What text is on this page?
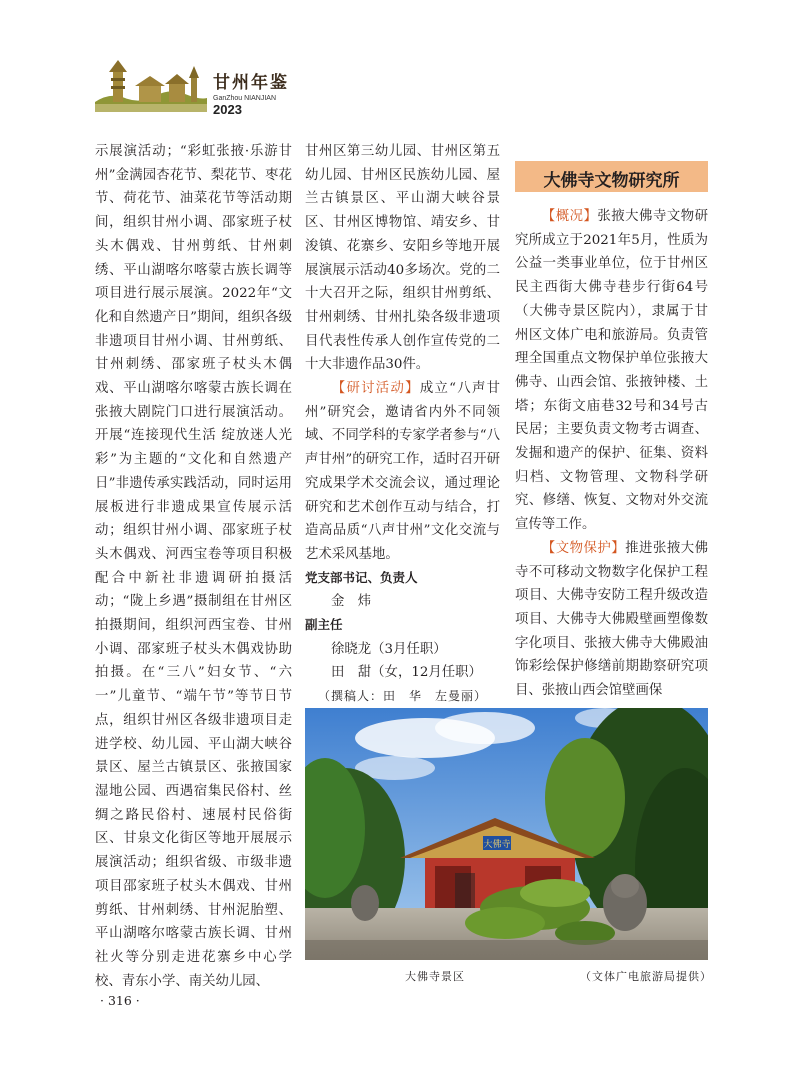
甘州年鉴
GanZhou NIANJIAN
2023

示展演活动；“彩虹张掖·乐游甘州”金满园杏花节、梨花节、枣花节、荷花节、油菜花节等活动期间，组织甘州小调、邵家班子杖头木偶戏、甘州剪纸、甘州刺绣、平山湖喀尔喀蒙古族长调等项目进行展示展演。2022年“文化和自然遗产日”期间，组织各级非遗项目甘州小调、甘州剪纸、甘州刺绣、邵家班子杖头木偶戏、平山湖喀尔喀蒙古族长调在张掖大剧院门口进行展演活动。开展“连接现代生活 绽放迷人光彩”为主题的“文化和自然遗产日”非遗传承实践活动，同时运用展板进行非遗成果宣传展示活动；组织甘州小调、邵家班子杖头木偶戏、河西宝卷等项目积极配合中新社非遗调研拍摄活动；“陇上乡遇”摄制组在甘州区拍摄期间，组织河西宝卷、甘州小调、邵家班子杖头木偶戏协助拍摄。在“三八”妇女节、“六一”儿童节、“端午节”等节日节点，组织甘州区各级非遗项目走进学校、幼儿园、平山湖大峡谷景区、屋兰古镇景区、张掖国家湿地公园、西遇宿集民俗村、丝绸之路民俗村、速展村民俗街区、甘泉文化街区等地开展展示展演活动；组织省级、市级非遗项目邵家班子杖头木偶戏、甘州剪纸、甘州刺绣、甘州泥胎塑、平山湖喀尔喀蒙古族长调、甘州社火等分别走进花寨乡中心学校、青东小学、南关幼儿园、

甘州区第三幼儿园、甘州区第五幼儿园、甘州区民族幼儿园、屋兰古镇景区、平山湖大峡谷景区、甘州区博物馆、靖安乡、甘浚镇、花寨乡、安阳乡等地开展展演展示活动40多场次。党的二十大召开之际，组织甘州剪纸、甘州刺绣、甘州扎染各级非遗项目代表性传承人创作宣传党的二十大非遗作品30件。

【研讨活动】成立“八声甘州”研究会，邀请省内外不同领域、不同学科的专家学者参与“八声甘州”的研究工作，适时召开研究成果学术交流会议，通过理论研究和艺术创作互动与结合，打造高品质“八声甘州”文化交流与艺术采风基地。

党支部书记、负责人

金　炜

副主任

徐晓龙（3月任职）

田　甜（女，12月任职）

（撰稿人：田　华　左曼丽）

大佛寺文物研究所

【概况】张掖大佛寺文物研究所成立于2021年5月，性质为公益一类事业单位，位于甘州区民主西街大佛寺巷步行街64号（大佛寺景区院内），隶属于甘州区文体广电和旅游局。负责管理全国重点文物保护单位张掖大佛寺、山西会馆、张掖钟楼、土塔；东街文庙巷32号和34号古民居；主要负责文物考古调查、发掘和遗产的保护、征集、资料归档、文物管理、文物科学研究、修缮、恢复、文物对外交流宣传等工作。

【文物保护】推进张掖大佛寺不可移动文物数字化保护工程项目、大佛寺安防工程升级改造项目、大佛寺大佛殿壁画塑像数字化项目、张掖大佛寺大佛殿油饰彩绘保护修缮前期勘察研究项目、张掖山西会馆壁画保

大佛寺
大佛寺景区	（文体广电旅游局提供）
· 316 ·
